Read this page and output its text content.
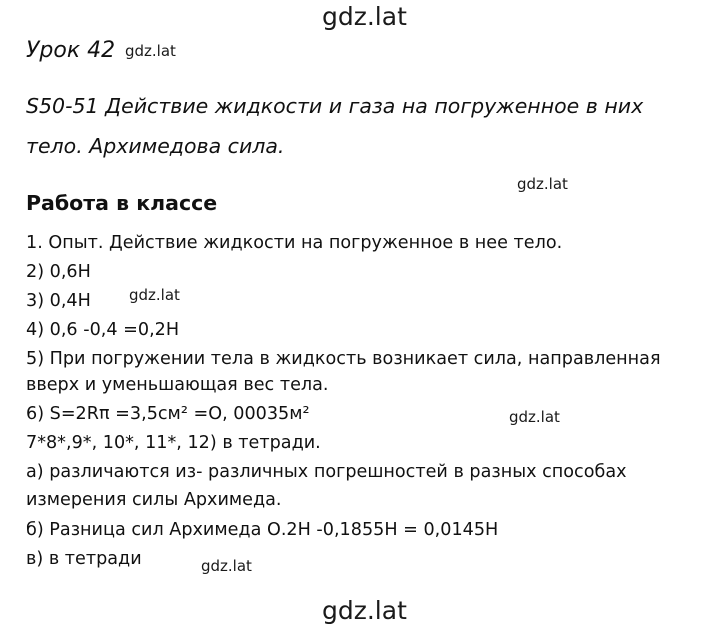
gdz.lat
gdz.lat
gdz.lat
gdz.lat
gdz.lat
gdz.lat
gdz.lat
Урок 42
S50-51 Действие жидкости и газа на погруженное в них
тело. Архимедова сила.
Работа в классе
1. Опыт. Действие жидкости на погруженное в нее тело.
2) 0,6Н
3) 0,4Н
4) 0,6 -0,4 =0,2Н
5) При погружении тела в жидкость возникает сила, направленная
вверх и уменьшающая вес тела.
6) S=2Rπ =3,5см² =О, 00035м²
7*8*,9*, 10*, 11*, 12) в тетради.
а) различаются из- различных погрешностей в разных способах
измерения силы Архимеда.
б) Разница сил Архимеда О.2Н -0,1855Н = 0,0145Н
в) в тетради
